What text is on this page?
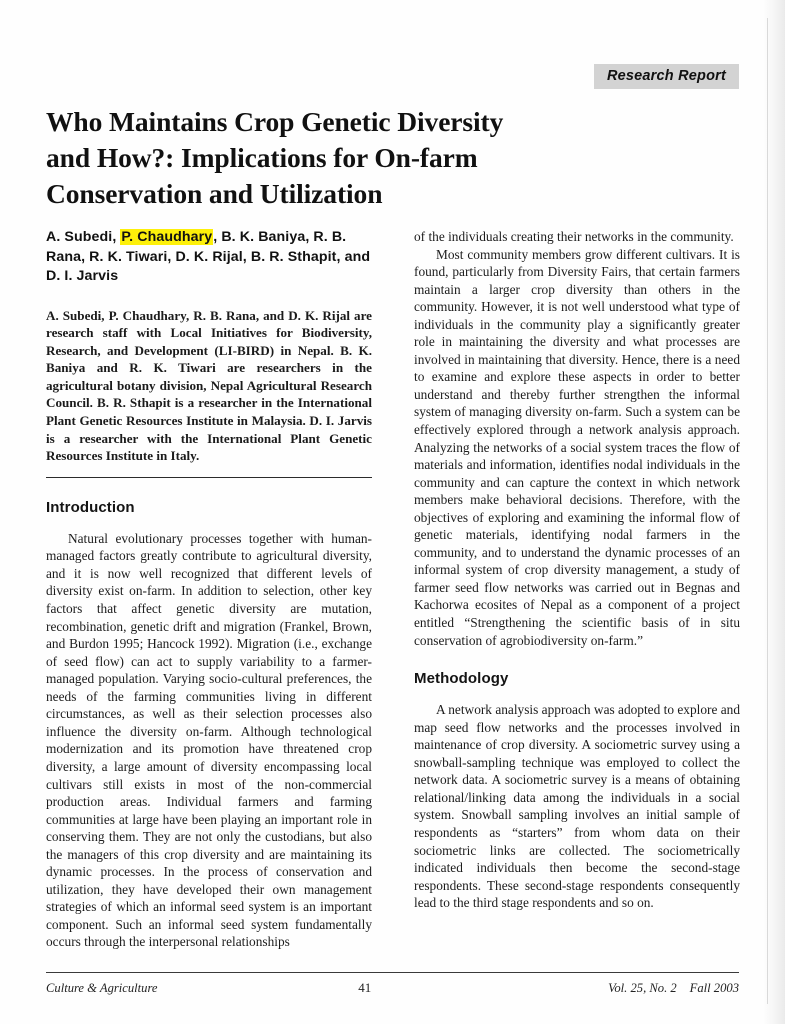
Research Report
Who Maintains Crop Genetic Diversity
and How?: Implications for On-farm
Conservation and Utilization
A. Subedi, P. Chaudhary, B. K. Baniya, R. B. Rana, R. K. Tiwari, D. K. Rijal, B. R. Sthapit, and D. I. Jarvis
A. Subedi, P. Chaudhary, R. B. Rana, and D. K. Rijal are research staff with Local Initiatives for Biodiversity, Research, and Development (LI-BIRD) in Nepal. B. K. Baniya and R. K. Tiwari are researchers in the agricultural botany division, Nepal Agricultural Research Council. B. R. Sthapit is a researcher in the International Plant Genetic Resources Institute in Malaysia. D. I. Jarvis is a researcher with the International Plant Genetic Resources Institute in Italy.
Introduction

Natural evolutionary processes together with human-managed factors greatly contribute to agricultural diversity, and it is now well recognized that different levels of diversity exist on-farm. In addition to selection, other key factors that affect genetic diversity are mutation, recombination, genetic drift and migration (Frankel, Brown, and Burdon 1995; Hancock 1992). Migration (i.e., exchange of seed flow) can act to supply variability to a farmer-managed population. Varying socio-cultural preferences, the needs of the farming communities living in different circumstances, as well as their selection processes also influence the diversity on-farm. Although technological modernization and its promotion have threatened crop diversity, a large amount of diversity encompassing local cultivars still exists in most of the non-commercial production areas. Individual farmers and farming communities at large have been playing an important role in conserving them. They are not only the custodians, but also the managers of this crop diversity and are maintaining its dynamic processes. In the process of conservation and utilization, they have developed their own management strategies of which an informal seed system is an important component. Such an informal seed system fundamentally occurs through the interpersonal relationships

of the individuals creating their networks in the community.

Most community members grow different cultivars. It is found, particularly from Diversity Fairs, that certain farmers maintain a larger crop diversity than others in the community. However, it is not well understood what type of individuals in the community play a significantly greater role in maintaining the diversity and what processes are involved in maintaining that diversity. Hence, there is a need to examine and explore these aspects in order to better understand and thereby further strengthen the informal system of managing diversity on-farm. Such a system can be effectively explored through a network analysis approach. Analyzing the networks of a social system traces the flow of materials and information, identifies nodal individuals in the community and can capture the context in which network members make behavioral decisions. Therefore, with the objectives of exploring and examining the informal flow of genetic materials, identifying nodal farmers in the community, and to understand the dynamic processes of an informal system of crop diversity management, a study of farmer seed flow networks was carried out in Begnas and Kachorwa ecosites of Nepal as a component of a project entitled “Strengthening the scientific basis of in situ conservation of agrobiodiversity on-farm.”

Methodology

A network analysis approach was adopted to explore and map seed flow networks and the processes involved in maintenance of crop diversity. A sociometric survey using a snowball-sampling technique was employed to collect the network data. A sociometric survey is a means of obtaining relational/linking data among the individuals in a social system. Snowball sampling involves an initial sample of respondents as “starters” from whom data on their sociometric links are collected. The sociometrically indicated individuals then become the second-stage respondents. These second-stage respondents consequently lead to the third stage respondents and so on.

Culture & Agriculture	41	Vol. 25, No. 2 Fall 2003
